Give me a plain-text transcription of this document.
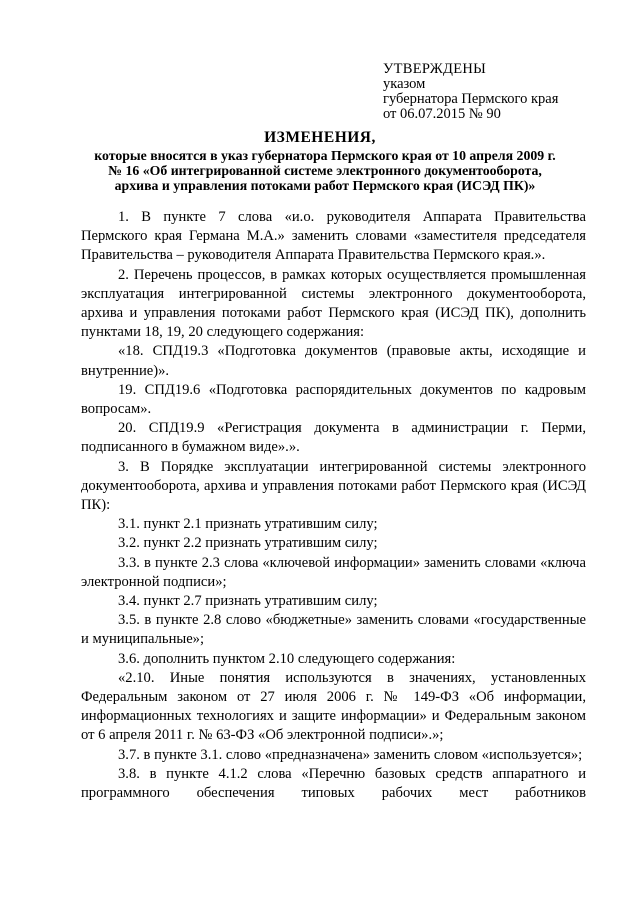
УТВЕРЖДЕНЫ
указом
губернатора Пермского края
от 06.07.2015 № 90
ИЗМЕНЕНИЯ,
которые вносятся в указ губернатора Пермского края от 10 апреля 2009 г.
№ 16 «Об интегрированной системе электронного документооборота,
архива и управления потоками работ Пермского края (ИСЭД ПК)»

1. В пункте 7 слова «и.о. руководителя Аппарата Правительства Пермского края Германа М.А.» заменить словами «заместителя председателя Правительства – руководителя Аппарата Правительства Пермского края.».

2. Перечень процессов, в рамках которых осуществляется промышленная эксплуатация интегрированной системы электронного документооборота, архива и управления потоками работ Пермского края (ИСЭД ПК), дополнить пунктами 18, 19, 20 следующего содержания:

«18. СПД19.3 «Подготовка документов (правовые акты, исходящие и внутренние)».

19. СПД19.6 «Подготовка распорядительных документов по кадровым вопросам».

20. СПД19.9 «Регистрация документа в администрации г. Перми, подписанного в бумажном виде».».

3. В Порядке эксплуатации интегрированной системы электронного документооборота, архива и управления потоками работ Пермского края (ИСЭД ПК):

3.1. пункт 2.1 признать утратившим силу;

3.2. пункт 2.2 признать утратившим силу;

3.3. в пункте 2.3 слова «ключевой информации» заменить словами «ключа электронной подписи»;

3.4. пункт 2.7 признать утратившим силу;

3.5. в пункте 2.8 слово «бюджетные» заменить словами «государственные и муниципальные»;

3.6. дополнить пунктом 2.10 следующего содержания:

«2.10. Иные понятия используются в значениях, установленных Федеральным законом от 27 июля 2006 г. № 149-ФЗ «Об информации, информационных технологиях и защите информации» и Федеральным законом от 6 апреля 2011 г. № 63-ФЗ «Об электронной подписи».»;

3.7. в пункте 3.1. слово «предназначена» заменить словом «используется»;

3.8. в пункте 4.1.2 слова «Перечню базовых средств аппаратного и программного обеспечения типовых рабочих мест работников
